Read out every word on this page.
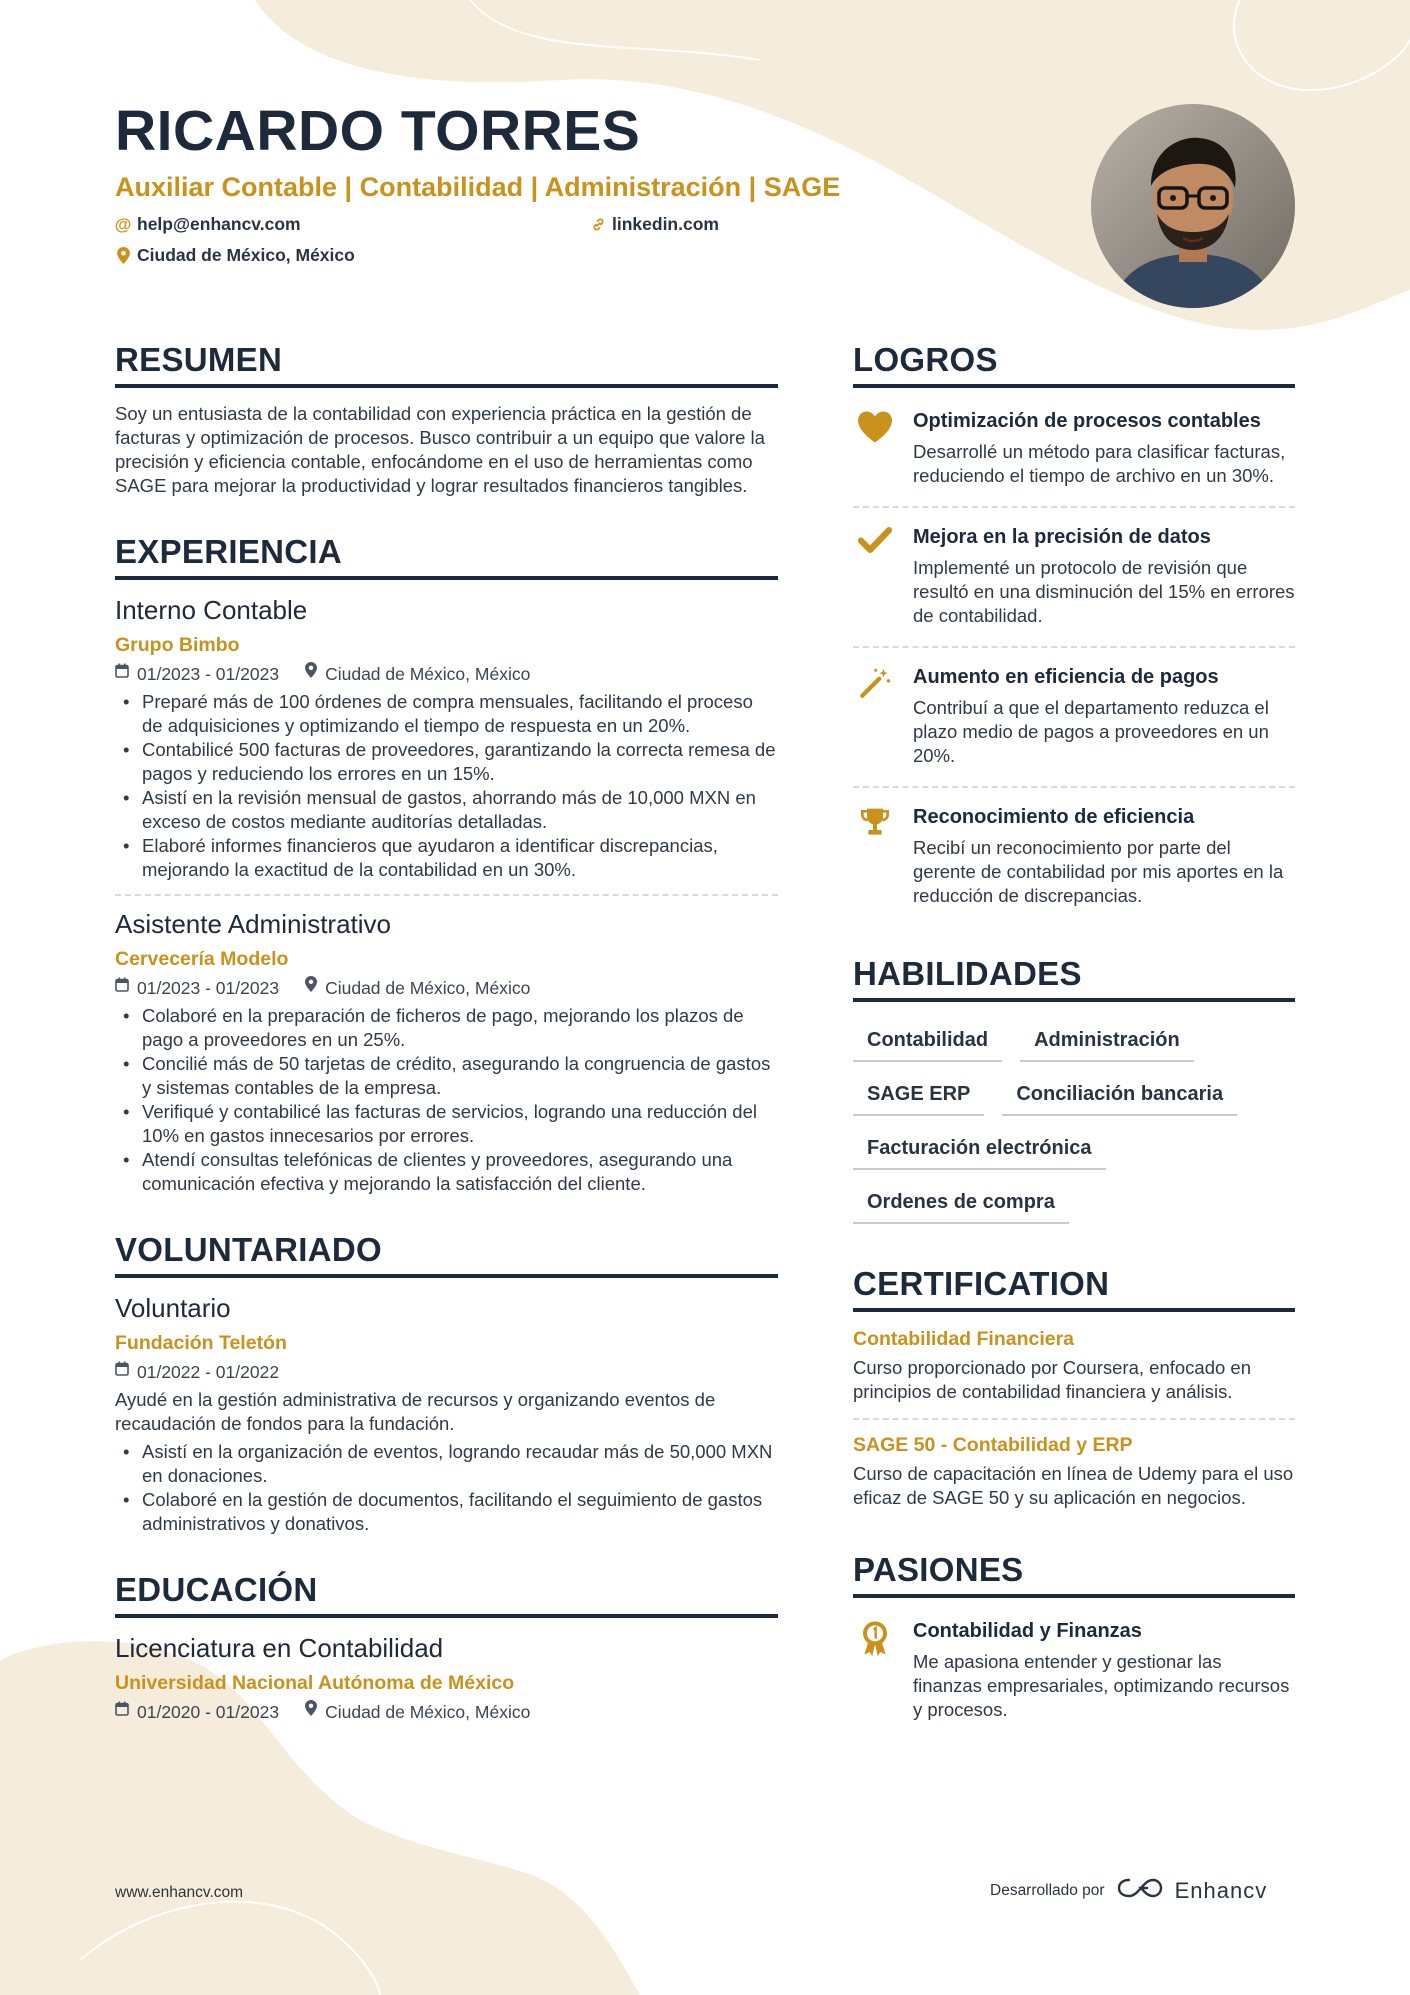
RICARDO TORRES
Auxiliar Contable | Contabilidad | Administración | SAGE
@ help@enhancv.com	linkedin.com
Ciudad de México, México
RESUMEN
Soy un entusiasta de la contabilidad con experiencia práctica en la gestión de facturas y optimización de procesos. Busco contribuir a un equipo que valore la precisión y eficiencia contable, enfocándome en el uso de herramientas como SAGE para mejorar la productividad y lograr resultados financieros tangibles.
EXPERIENCIA
Interno Contable
Grupo Bimbo
01/2023 - 01/2023	Ciudad de México, México
• Preparé más de 100 órdenes de compra mensuales, facilitando el proceso de adquisiciones y optimizando el tiempo de respuesta en un 20%.
• Contabilicé 500 facturas de proveedores, garantizando la correcta remesa de pagos y reduciendo los errores en un 15%.
• Asistí en la revisión mensual de gastos, ahorrando más de 10,000 MXN en exceso de costos mediante auditorías detalladas.
• Elaboré informes financieros que ayudaron a identificar discrepancias, mejorando la exactitud de la contabilidad en un 30%.
Asistente Administrativo
Cervecería Modelo
01/2023 - 01/2023	Ciudad de México, México
• Colaboré en la preparación de ficheros de pago, mejorando los plazos de pago a proveedores en un 25%.
• Concilié más de 50 tarjetas de crédito, asegurando la congruencia de gastos y sistemas contables de la empresa.
• Verifiqué y contabilicé las facturas de servicios, logrando una reducción del 10% en gastos innecesarios por errores.
• Atendí consultas telefónicas de clientes y proveedores, asegurando una comunicación efectiva y mejorando la satisfacción del cliente.
VOLUNTARIADO
Voluntario
Fundación Teletón
01/2022 - 01/2022
Ayudé en la gestión administrativa de recursos y organizando eventos de recaudación de fondos para la fundación.
• Asistí en la organización de eventos, logrando recaudar más de 50,000 MXN en donaciones.
• Colaboré en la gestión de documentos, facilitando el seguimiento de gastos administrativos y donativos.
EDUCACIÓN
Licenciatura en Contabilidad
Universidad Nacional Autónoma de México
01/2020 - 01/2023	Ciudad de México, México
LOGROS
Optimización de procesos contables
Desarrollé un método para clasificar facturas, reduciendo el tiempo de archivo en un 30%.
Mejora en la precisión de datos
Implementé un protocolo de revisión que resultó en una disminución del 15% en errores de contabilidad.
Aumento en eficiencia de pagos
Contribuí a que el departamento reduzca el plazo medio de pagos a proveedores en un 20%.
Reconocimiento de eficiencia
Recibí un reconocimiento por parte del gerente de contabilidad por mis aportes en la reducción de discrepancias.
HABILIDADES
Contabilidad	Administración
SAGE ERP	Conciliación bancaria
Facturación electrónica
Ordenes de compra
CERTIFICATION
Contabilidad Financiera
Curso proporcionado por Coursera, enfocado en principios de contabilidad financiera y análisis.
SAGE 50 - Contabilidad y ERP
Curso de capacitación en línea de Udemy para el uso eficaz de SAGE 50 y su aplicación en negocios.
PASIONES
Contabilidad y Finanzas
Me apasiona entender y gestionar las finanzas empresariales, optimizando recursos y procesos.
www.enhancv.com	Desarrollado por	Enhancv
